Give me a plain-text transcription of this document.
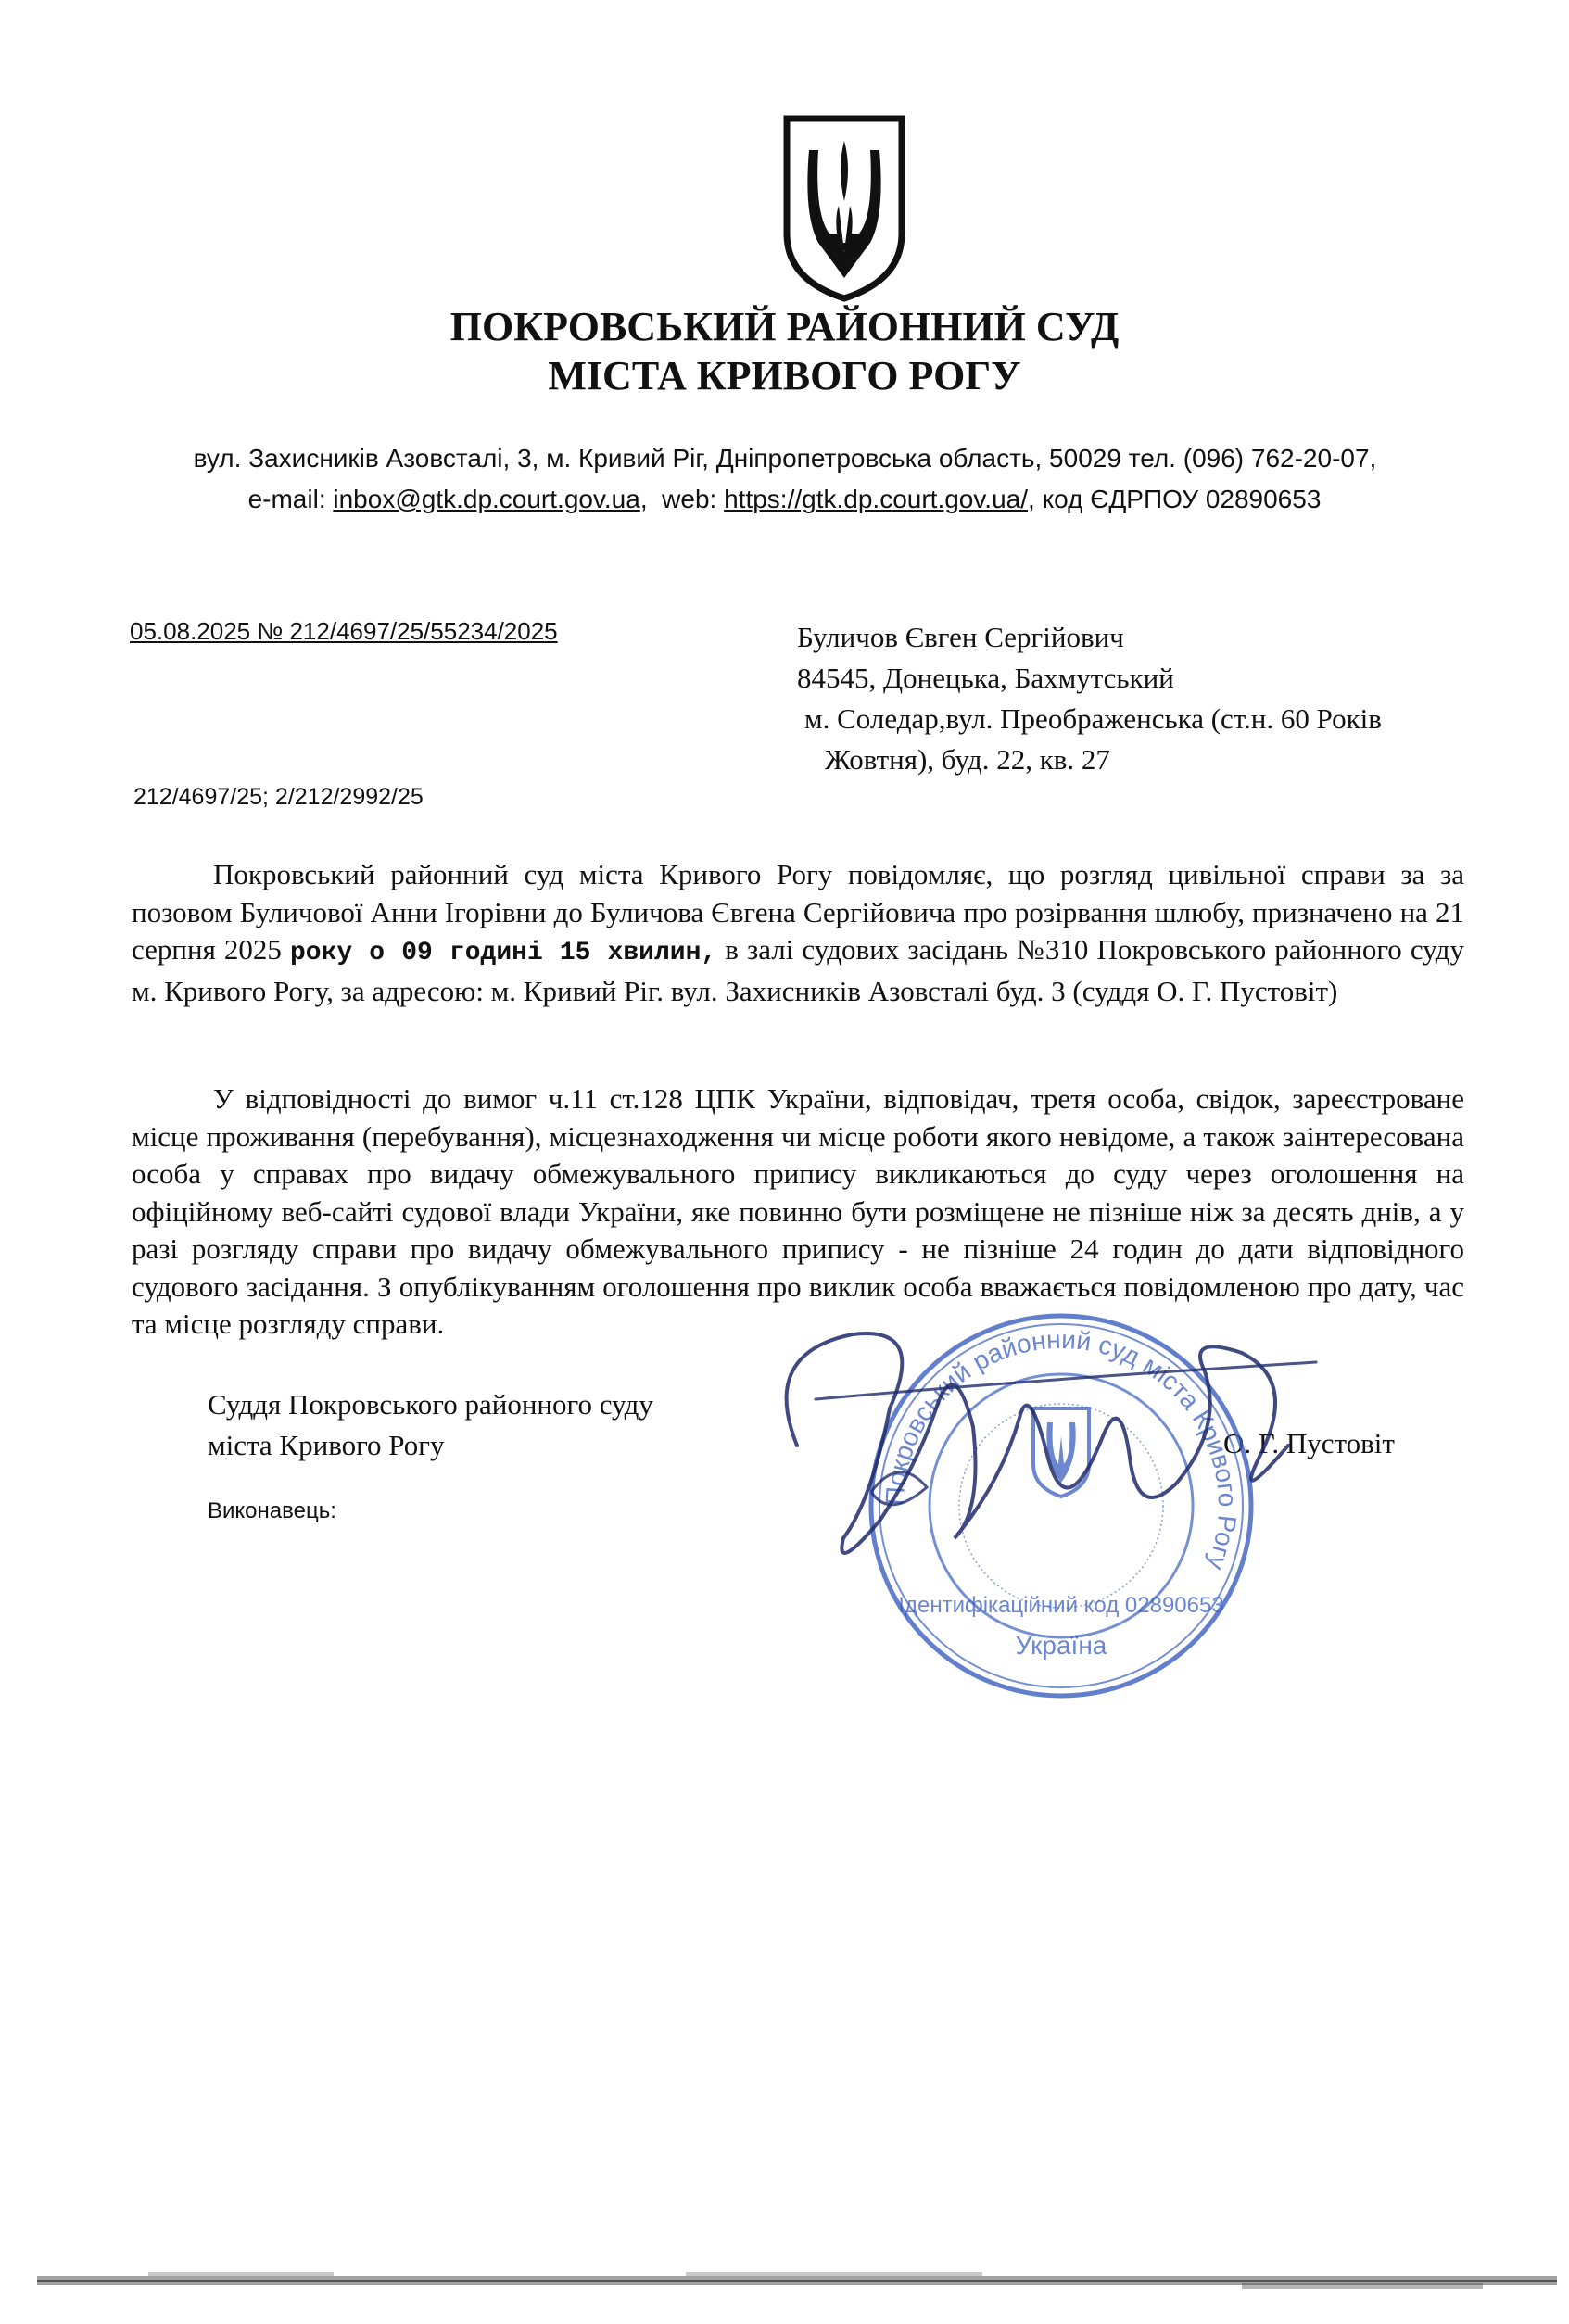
ПОКРОВСЬКИЙ РАЙОННИЙ СУД
МІСТА КРИВОГО РОГУ
вул. Захисників Азовсталі, 3, м. Кривий Ріг, Дніпропетровська область, 50029 тел. (096) 762-20-07,
e-mail: inbox@gtk.dp.court.gov.ua,  web: https://gtk.dp.court.gov.ua/, код ЄДРПОУ 02890653
05.08.2025 № 212/4697/25/55234/2025	Буличов Євген Сергійович
84545, Донецька, Бахмутський
м. Соледар,вул. Преображенська (ст.н. 60 Років
Жовтня), буд. 22, кв. 27
212/4697/25; 2/212/2992/25

Покровський районний суд міста Кривого Рогу повідомляє, що розгляд цивільної справи за за позовом Буличової Анни Ігорівни до Буличова Євгена Сергійовича про розірвання шлюбу, призначено на 21 серпня 2025 року о 09 годині 15 хвилин, в залі судових засідань №310 Покровського районного суду м. Кривого Рогу, за адресою: м. Кривий Ріг. вул. Захисників Азовсталі буд. 3 (суддя О. Г. Пустовіт)

У відповідності до вимог ч.11 ст.128 ЦПК України, відповідач, третя особа, свідок, зареєстроване місце проживання (перебування), місцезнаходження чи місце роботи якого невідоме, а також заінтересована особа у справах про видачу обмежувального припису викликаються до суду через оголошення на офіційному веб-сайті судової влади України, яке повинно бути розміщене не пізніше ніж за десять днів, а у разі розгляду справи про видачу обмежувального припису - не пізніше 24 годин до дати відповідного судового засідання. З опублікуванням оголошення про виклик особа вважається повідомленою про дату, час та місце розгляду справи.

Суддя Покровського районного суду
міста Кривого Рогу	О. Г. Пустовіт
Виконавець:
Покровський районний суд міста Кривого Рогу
Ідентифікаційний код 02890653
Україна
